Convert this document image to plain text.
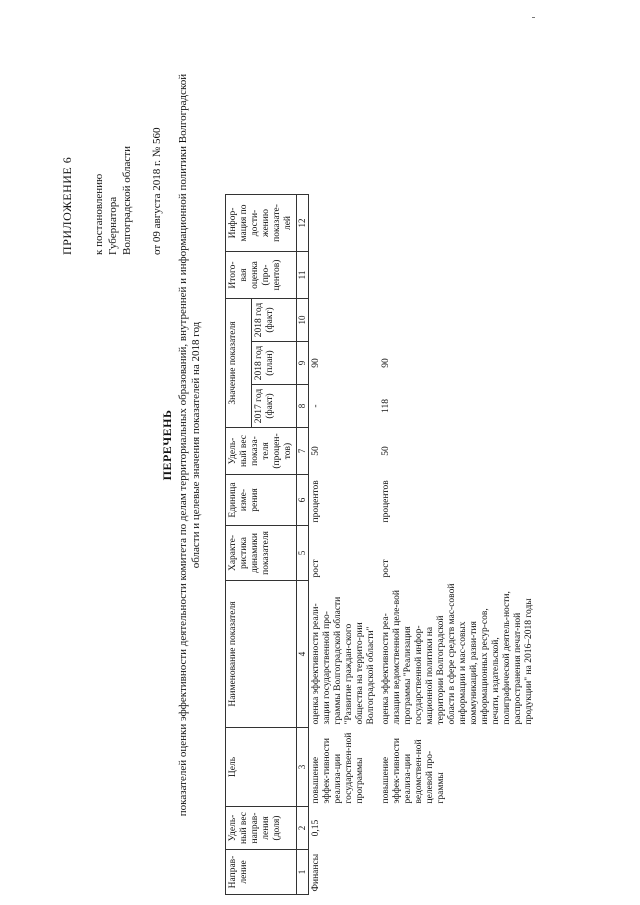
ПРИЛОЖЕНИЕ 6 к постановлению Губернатора Волгоградской области от 09 августа 2018 г. № 560
ПЕРЕЧЕНЬ показателей оценки эффективности деятельности комитета по делам территориальных образований, внутренней и информационной политики Волгоградской области и целевые значения показателей на 2018 год
Направ-ление	Удель-ный вес направ-ления (доля)	Цель	Наименование показателя	Характе-ристика динамики показателя	Единица изме-рения	Удель-ный вес показа-теля (процен-тов)	Значение показателя			Итого-вая оценка (про-центов)	Инфор-мация по дости-жению показате-лей
							2017 год (факт)	2018 год (план)	2018 год (факт)		
1	2	3	4	5	6	7	8	9	10	11	12
Финансы	0,15	повышение эффек-тивности реализа-ции государствен-ной программы	оценка эффективности реали-зации государственной про-граммы Волгоградской области "Развитие граждан-ского общества на террито-рии Волгоградской области"	рост	процентов	50	-	90			
		повышение эффек-тивности реализа-ции ведомствен-ной целевой про-граммы	оценка эффективности реа-лизации ведомственной целе-вой программы "Реализация государственной инфор-мационной политики на территории Волгоградской области в сфере средств мас-совой информации и мас-совых коммуникаций, разви-тия информационных ресур-сов, печати, издательской, полиграфической деятель-ности, распространения печат-ной продукции" на 2016–2018 годы	рост	процентов	50	118	90			
